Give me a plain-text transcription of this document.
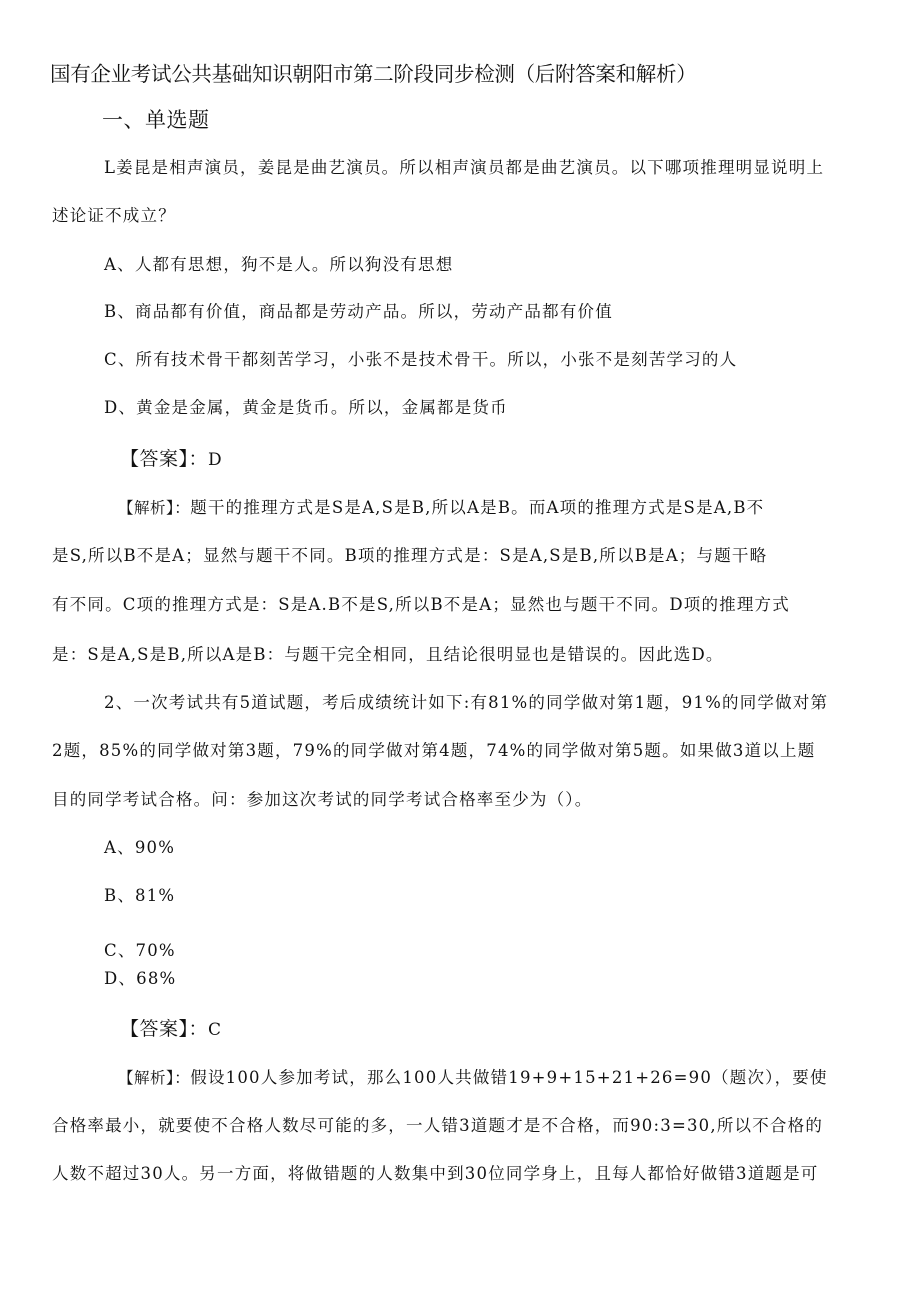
国有企业考试公共基础知识朝阳市第二阶段同步检测（后附答案和解析）
一、单选题
L姜昆是相声演员，姜昆是曲艺演员。所以相声演员都是曲艺演员。以下哪项推理明显说明上
述论证不成立？
A、人都有思想，狗不是人。所以狗没有思想
B、商品都有价值，商品都是劳动产品。所以，劳动产品都有价值
C、所有技术骨干都刻苦学习，小张不是技术骨干。所以，小张不是刻苦学习的人
D、黄金是金属，黄金是货币。所以，金属都是货币
【答案】：D
【解析】：题干的推理方式是S是A,S是B,所以A是B。而A项的推理方式是S是A,B不
是S,所以B不是A；显然与题干不同。B项的推理方式是：S是A,S是B,所以B是A；与题干略
有不同。C项的推理方式是：S是A.B不是S,所以B不是A；显然也与题干不同。D项的推理方式
是：S是A,S是B,所以A是B：与题干完全相同，且结论很明显也是错误的。因此选D。
2、一次考试共有5道试题，考后成绩统计如下:有81%的同学做对第1题，91%的同学做对第
2题，85%的同学做对第3题，79%的同学做对第4题，74%的同学做对第5题。如果做3道以上题
目的同学考试合格。问：参加这次考试的同学考试合格率至少为（）。
A、90%
B、81%
C、70%
D、68%
【答案】：C
【解析】：假设100人参加考试，那么100人共做错19+9+15+21+26=90（题次），要使
合格率最小，就要使不合格人数尽可能的多，一人错3道题才是不合格，而90:3=30,所以不合格的
人数不超过30人。另一方面，将做错题的人数集中到30位同学身上，且每人都恰好做错3道题是可
